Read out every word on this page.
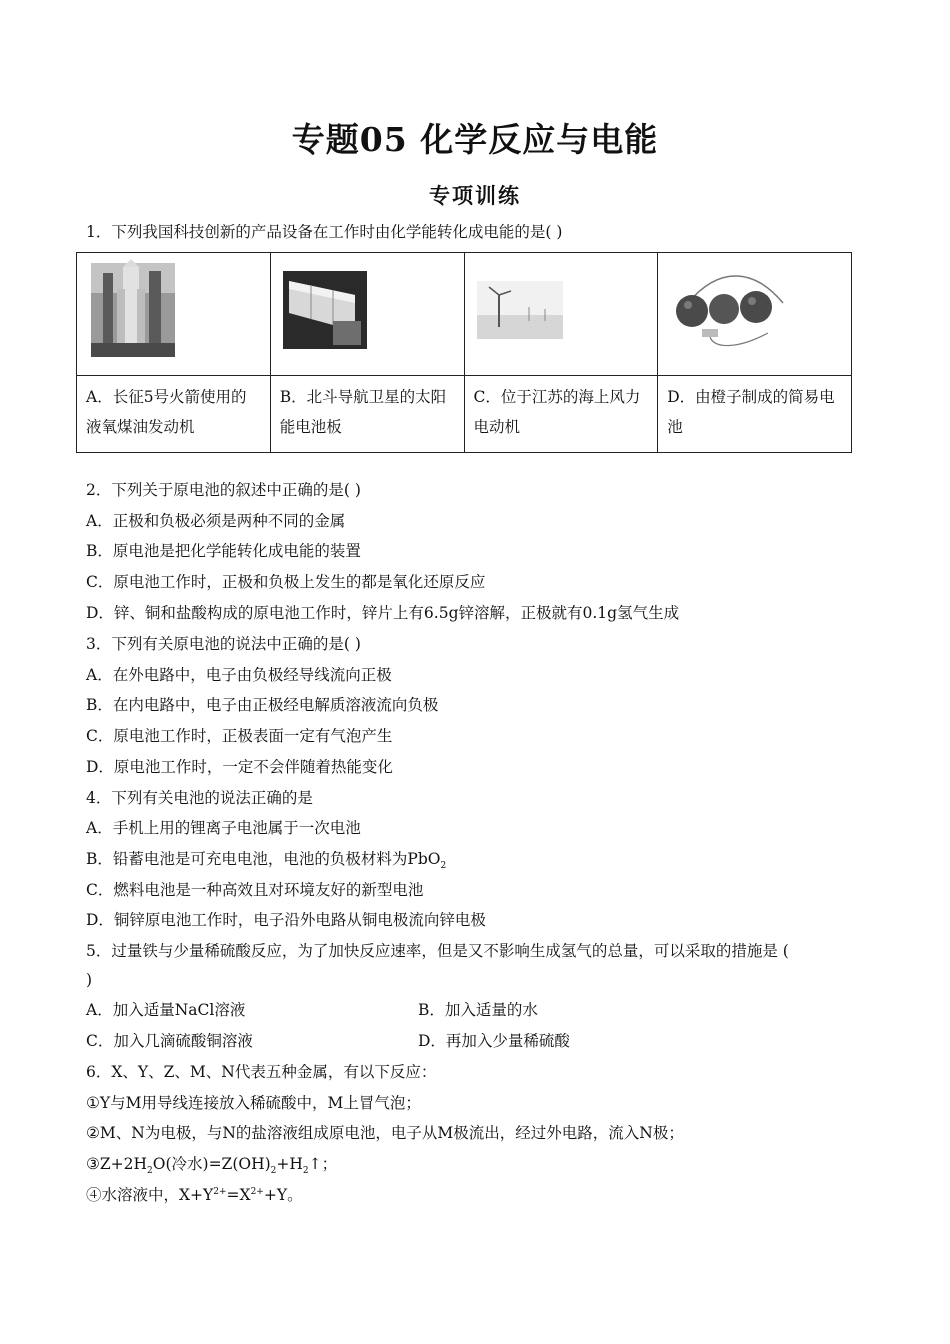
专题05 化学反应与电能
专项训练
1．下列我国科技创新的产品设备在工作时由化学能转化成电能的是( )

A．长征5号火箭使用的液氧煤油发动机	B．北斗导航卫星的太阳能电池板	C．位于江苏的海上风力电动机	D．由橙子制成的简易电池
2．下列关于原电池的叙述中正确的是( )
A．正极和负极必须是两种不同的金属
B．原电池是把化学能转化成电能的装置
C．原电池工作时，正极和负极上发生的都是氧化还原反应
D．锌、铜和盐酸构成的原电池工作时，锌片上有6.5g锌溶解，正极就有0.1g氢气生成
3．下列有关原电池的说法中正确的是( )
A．在外电路中，电子由负极经导线流向正极
B．在内电路中，电子由正极经电解质溶液流向负极
C．原电池工作时，正极表面一定有气泡产生
D．原电池工作时，一定不会伴随着热能变化
4．下列有关电池的说法正确的是
A．手机上用的锂离子电池属于一次电池
B．铅蓄电池是可充电电池，电池的负极材料为PbO$_2$
C．燃料电池是一种高效且对环境友好的新型电池
D．铜锌原电池工作时，电子沿外电路从铜电极流向锌电极
5．过量铁与少量稀硫酸反应，为了加快反应速率，但是又不影响生成氢气的总量，可以采取的措施是 (
)
A．加入适量NaCl溶液	B．加入适量的水
C．加入几滴硫酸铜溶液	D．再加入少量稀硫酸
6．X、Y、Z、M、N代表五种金属，有以下反应：
①Y与M用导线连接放入稀硫酸中，M上冒气泡；
②M、N为电极，与N的盐溶液组成原电池，电子从M极流出，经过外电路，流入N极；
$③Z+2H_2O$(冷水)$=Z(OH)_2+H_2↑$；
④水溶液中，$X+Y^{2+}=X^{2+}+Y$。
